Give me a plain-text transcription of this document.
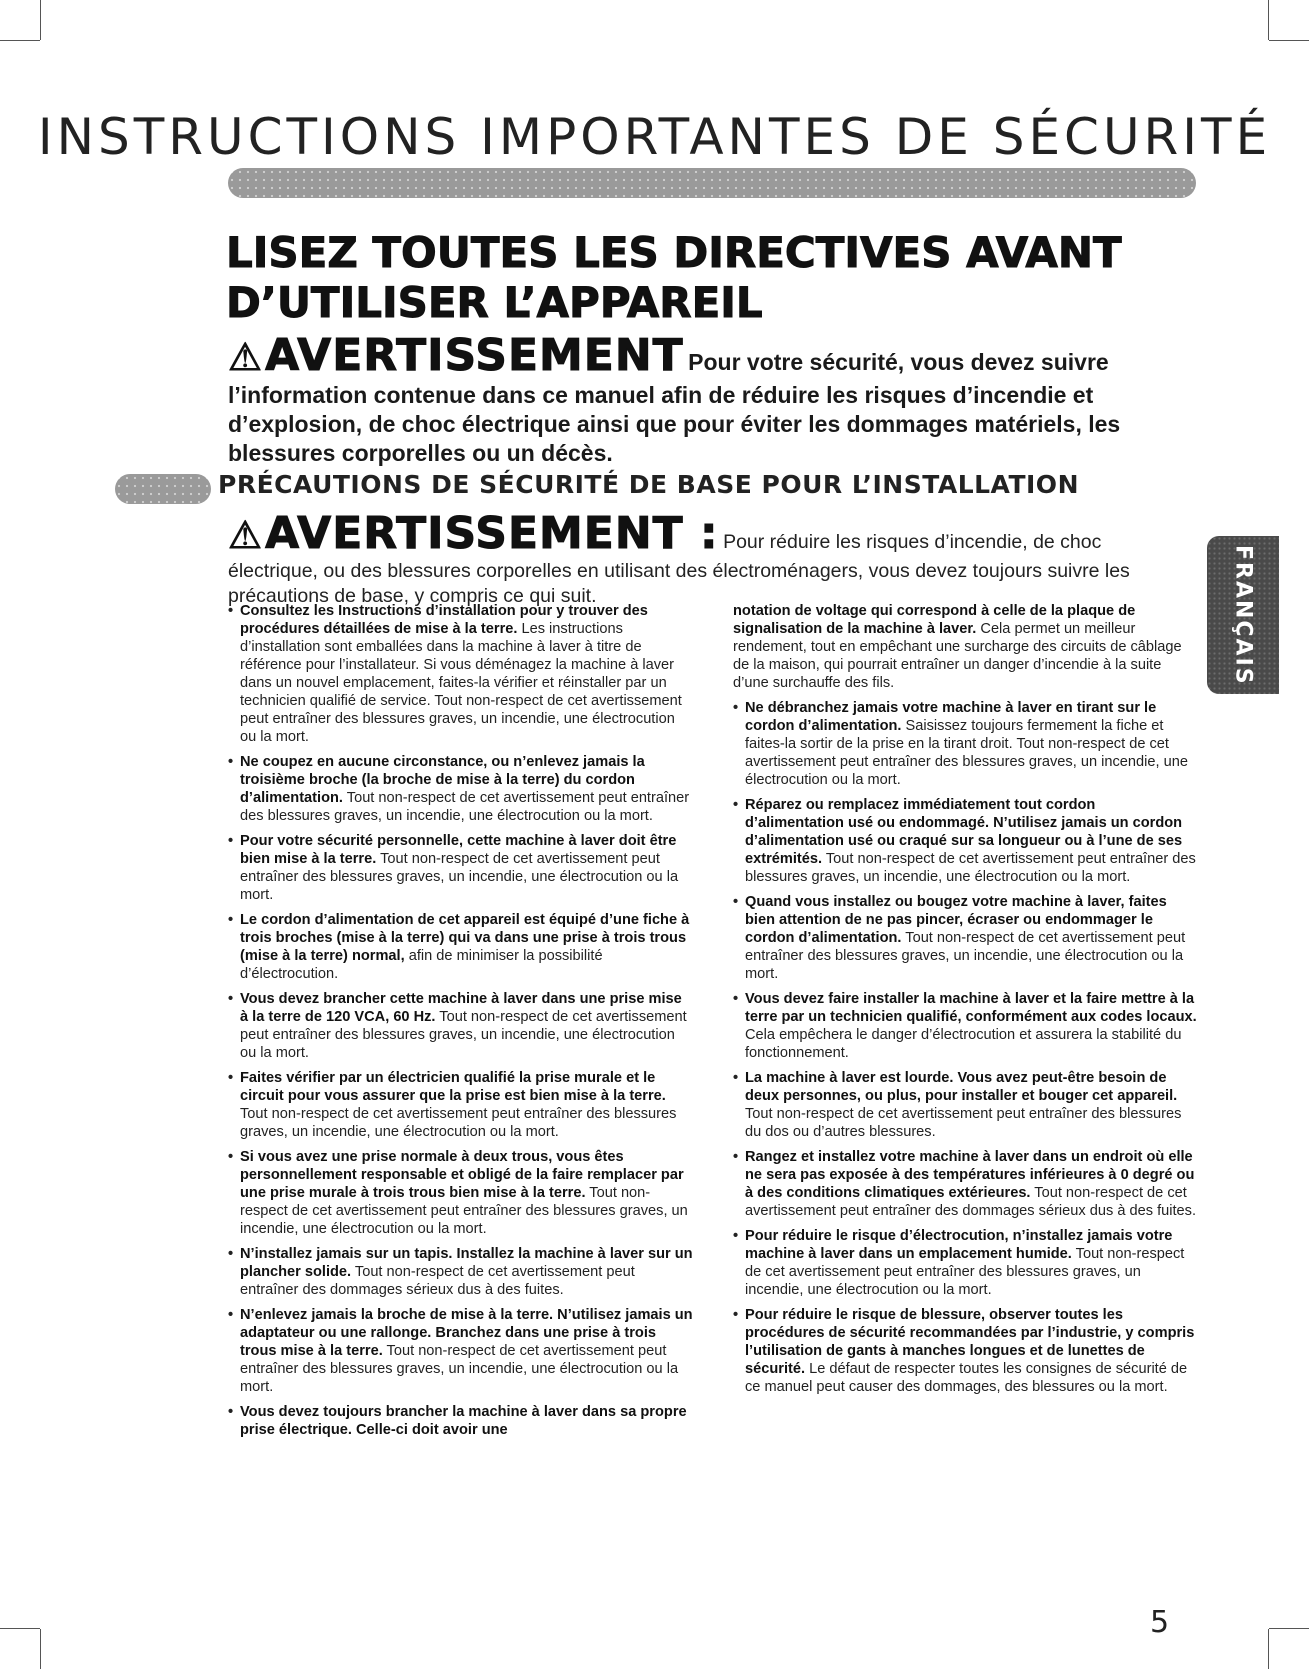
INSTRUCTIONS IMPORTANTES DE SÉCURITÉ
LISEZ TOUTES LES DIRECTIVES AVANT
D’UTILISER L’APPAREIL
⚠AVERTISSEMENT Pour votre sécurité, vous devez suivre l’information contenue dans ce manuel afin de réduire les risques d’incendie et d’explosion, de choc électrique ainsi que pour éviter les dommages matériels, les blessures corporelles ou un décès.
PRÉCAUTIONS DE SÉCURITÉ DE BASE POUR L’INSTALLATION
⚠AVERTISSEMENT : Pour réduire les risques d’incendie, de choc électrique, ou des blessures corporelles en utilisant des électroménagers, vous devez toujours suivre les précautions de base, y compris ce qui suit.
• Consultez les Instructions d’installation pour y trouver des procédures détaillées de mise à la terre. Les instructions d’installation sont emballées dans la machine à laver à titre de référence pour l’installateur. Si vous déménagez la machine à laver dans un nouvel emplacement, faites-la vérifier et réinstaller par un technicien qualifié de service. Tout non-respect de cet avertissement peut entraîner des blessures graves, un incendie, une électrocution ou la mort.
• Ne coupez en aucune circonstance, ou n’enlevez jamais la troisième broche (la broche de mise à la terre) du cordon d’alimentation. Tout non-respect de cet avertissement peut entraîner des blessures graves, un incendie, une électrocution ou la mort.
• Pour votre sécurité personnelle, cette machine à laver doit être bien mise à la terre. Tout non-respect de cet avertissement peut entraîner des blessures graves, un incendie, une électrocution ou la mort.
• Le cordon d’alimentation de cet appareil est équipé d’une fiche à trois broches (mise à la terre) qui va dans une prise à trois trous (mise à la terre) normal, afin de minimiser la possibilité d’électrocution.
• Vous devez brancher cette machine à laver dans une prise mise à la terre de 120 VCA, 60 Hz. Tout non-respect de cet avertissement peut entraîner des blessures graves, un incendie, une électrocution ou la mort.
• Faites vérifier par un électricien qualifié la prise murale et le circuit pour vous assurer que la prise est bien mise à la terre. Tout non-respect de cet avertissement peut entraîner des blessures graves, un incendie, une électrocution ou la mort.
• Si vous avez une prise normale à deux trous, vous êtes personnellement responsable et obligé de la faire remplacer par une prise murale à trois trous bien mise à la terre. Tout non-respect de cet avertissement peut entraîner des blessures graves, un incendie, une électrocution ou la mort.
• N’installez jamais sur un tapis. Installez la machine à laver sur un plancher solide. Tout non-respect de cet avertissement peut entraîner des dommages sérieux dus à des fuites.
• N’enlevez jamais la broche de mise à la terre. N’utilisez jamais un adaptateur ou une rallonge. Branchez dans une prise à trois trous mise à la terre. Tout non-respect de cet avertissement peut entraîner des blessures graves, un incendie, une électrocution ou la mort.
• Vous devez toujours brancher la machine à laver dans sa propre prise électrique. Celle-ci doit avoir une
notation de voltage qui correspond à celle de la plaque de signalisation de la machine à laver. Cela permet un meilleur rendement, tout en empêchant une surcharge des circuits de câblage de la maison, qui pourrait entraîner un danger d’incendie à la suite d’une surchauffe des fils.
• Ne débranchez jamais votre machine à laver en tirant sur le cordon d’alimentation. Saisissez toujours fermement la fiche et faites-la sortir de la prise en la tirant droit. Tout non-respect de cet avertissement peut entraîner des blessures graves, un incendie, une électrocution ou la mort.
• Réparez ou remplacez immédiatement tout cordon d’alimentation usé ou endommagé. N’utilisez jamais un cordon d’alimentation usé ou craqué sur sa longueur ou à l’une de ses extrémités. Tout non-respect de cet avertissement peut entraîner des blessures graves, un incendie, une électrocution ou la mort.
• Quand vous installez ou bougez votre machine à laver, faites bien attention de ne pas pincer, écraser ou endommager le cordon d’alimentation. Tout non-respect de cet avertissement peut entraîner des blessures graves, un incendie, une électrocution ou la mort.
• Vous devez faire installer la machine à laver et la faire mettre à la terre par un technicien qualifié, conformément aux codes locaux. Cela empêchera le danger d’électrocution et assurera la stabilité du fonctionnement.
• La machine à laver est lourde. Vous avez peut-être besoin de deux personnes, ou plus, pour installer et bouger cet appareil. Tout non-respect de cet avertissement peut entraîner des blessures du dos ou d’autres blessures.
• Rangez et installez votre machine à laver dans un endroit où elle ne sera pas exposée à des températures inférieures à 0 degré ou à des conditions climatiques extérieures. Tout non-respect de cet avertissement peut entraîner des dommages sérieux dus à des fuites.
• Pour réduire le risque d’électrocution, n’installez jamais votre machine à laver dans un emplacement humide. Tout non-respect de cet avertissement peut entraîner des blessures graves, un incendie, une électrocution ou la mort.
• Pour réduire le risque de blessure, observer toutes les procédures de sécurité recommandées par l’industrie, y compris l’utilisation de gants à manches longues et de lunettes de sécurité. Le défaut de respecter toutes les consignes de sécurité de ce manuel peut causer des dommages, des blessures ou la mort.
FRANÇAIS
5
